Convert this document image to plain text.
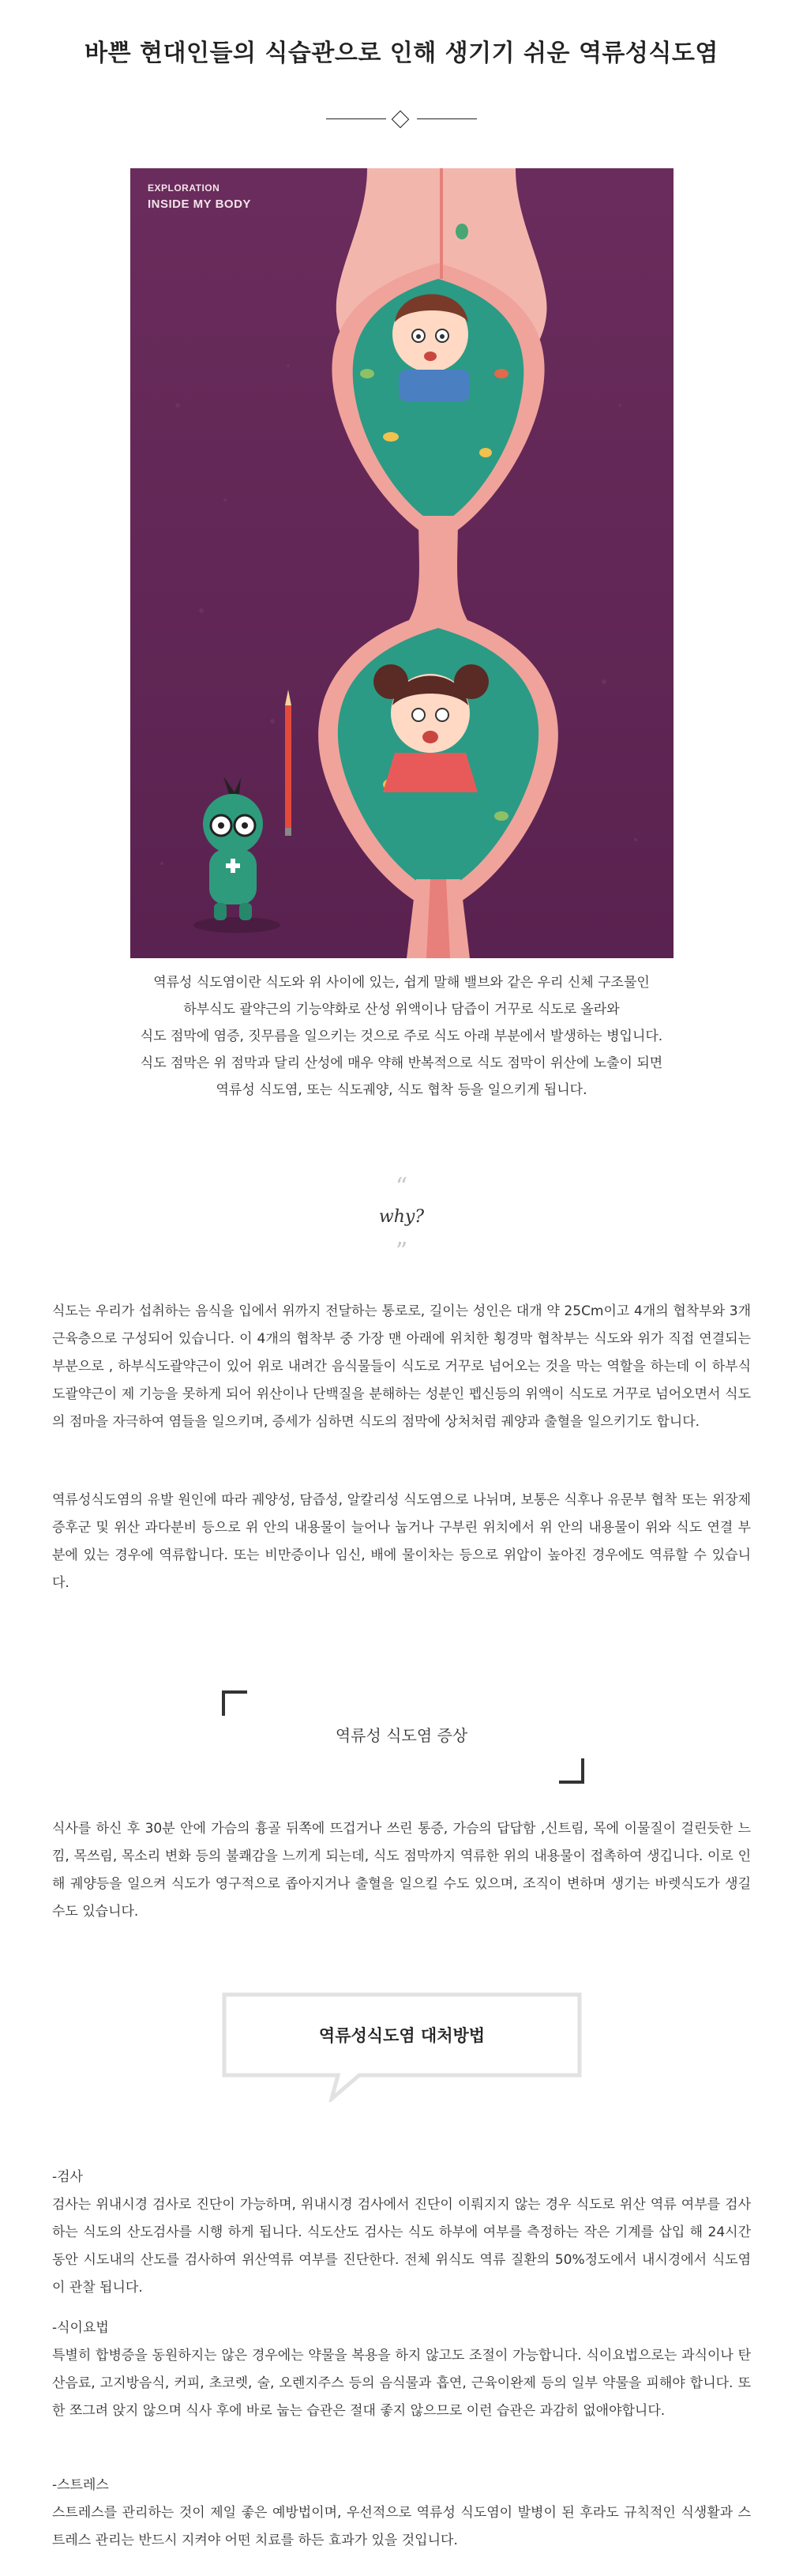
바쁜 현대인들의 식습관으로 인해 생기기 쉬운 역류성식도염
EXPLORATION
INSIDE MY BODY

역류성 식도염이란 식도와 위 사이에 있는, 쉽게 말해 밸브와 같은 우리 신체 구조물인

하부식도 괄약근의 기능약화로 산성 위액이나 담즙이 거꾸로 식도로 올라와

식도 점막에 염증, 짓무름을 일으키는 것으로 주로 식도 아래 부분에서 발생하는 병입니다.

식도 점막은 위 점막과 달리 산성에 매우 약해 반복적으로 식도 점막이 위산에 노출이 되면

역류성 식도염, 또는 식도궤양, 식도 협착 등을 일으키게 됩니다.

“
why?
”

식도는 우리가 섭취하는 음식을 입에서 위까지 전달하는 통로로, 길이는 성인은 대개 약 25Cm이고 4개의 협착부와 3개 근육층으로 구성되어 있습니다. 이 4개의 협착부 중 가장 맨 아래에 위치한 횡경막 협착부는 식도와 위가 직접 연결되는 부분으로 , 하부식도괄약근이 있어 위로 내려간 음식물들이 식도로 거꾸로 넘어오는 것을 막는 역할을 하는데 이 하부식도괄약근이 제 기능을 못하게 되어 위산이나 단백질을 분해하는 성분인 펩신등의 위액이 식도로 거꾸로 넘어오면서 식도의 점마을 자극하여 염들을 일으키며, 증세가 심하면 식도의 점막에 상처처럼 궤양과 출혈을 일으키기도 합니다.

역류성식도염의 유발 원인에 따라 궤양성, 담즙성, 알칼리성 식도염으로 나뉘며, 보통은 식후나 유문부 협착 또는 위장제증후군 및 위산 과다분비 등으로 위 안의 내용물이 늘어나 눕거나 구부린 위치에서 위 안의 내용물이 위와 식도 연결 부분에 있는 경우에 역류합니다. 또는 비만증이나 임신, 배에 물이차는 등으로 위압이 높아진 경우에도 역류할 수 있습니다.

역류성 식도염 증상

식사를 하신 후 30분 안에 가슴의 흉골 뒤쪽에 뜨겁거나 쓰린 통증, 가슴의 답답함 ,신트림, 목에 이물질이 걸린듯한 느낌, 목쓰림, 목소리 변화 등의 불쾌감을 느끼게 되는데, 식도 점막까지 역류한 위의 내용물이 접촉하여 생깁니다. 이로 인해 궤양등을 일으켜 식도가 영구적으로 좁아지거나 출혈을 일으킬 수도 있으며, 조직이 변하며 생기는 바렛식도가 생길 수도 있습니다.

역류성식도염 대처방법

-검사

검사는 위내시경 검사로 진단이 가능하며, 위내시경 검사에서 진단이 이뤄지지 않는 경우 식도로 위산 역류 여부를 검사하는 식도의 산도검사를 시행 하게 됩니다. 식도산도 검사는 식도 하부에 여부를 측정하는 작은 기계를 삽입 해 24시간 동안 시도내의 산도를 검사하여 위산역류 여부를 진단한다. 전체 위식도 역류 질환의 50%정도에서 내시경에서 식도염이 관찰 됩니다.

-식이요법

특별히 합병증을 동원하지는 않은 경우에는 약물을 복용을 하지 않고도 조절이 가능합니다. 식이요법으로는 과식이나 탄산음료, 고지방음식, 커피, 초코렛, 술, 오렌지주스 등의 음식물과 흡연, 근육이완제 등의 일부 약물을 피해야 합니다. 또한 쪼그려 앉지 않으며 식사 후에 바로 눕는 습관은 절대 좋지 않으므로 이런 습관은 과감히 없애야합니다.

-스트레스

스트레스를 관리하는 것이 제일 좋은 예방법이며, 우선적으로 역류성 식도염이 발병이 된 후라도 규칙적인 식생활과 스트레스 관리는 반드시 지켜야 어떤 치료를 하든 효과가 있을 것입니다.
